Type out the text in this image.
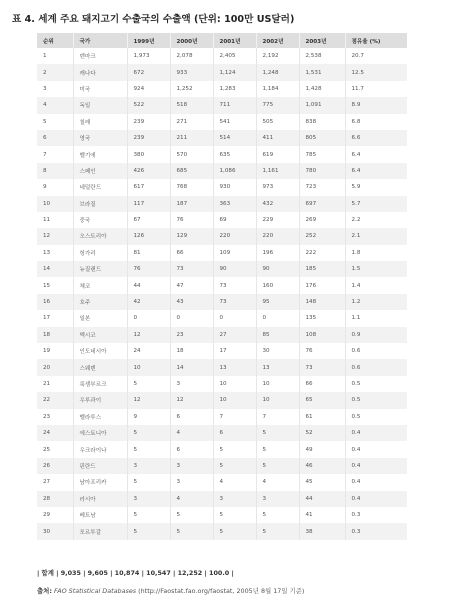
표 4. 세계 주요 돼지고기 수출국의 수출액 (단위: 100만 US달러)
순위	국가	1999년	2000년	2001년	2002년	2003년	점유율 (%)
1	덴마크	1,973	2,078	2,405	2,192	2,538	20.7
2	캐나다	672	933	1,124	1,248	1,531	12.5
3	미국	924	1,252	1,283	1,184	1,428	11.7
4	독일	522	518	711	775	1,091	8.9
5	칠레	239	271	541	505	838	6.8
6	영국	239	211	514	411	805	6.6
7	벨기에	380	570	635	619	785	6.4
8	스페인	426	685	1,086	1,161	780	6.4
9	네덜란드	617	768	930	973	723	5.9
10	브라질	117	187	363	432	697	5.7
11	중국	67	76	69	229	269	2.2
12	오스트리아	126	129	220	220	252	2.1
13	헝가리	81	66	109	196	222	1.8
14	뉴질랜드	76	73	90	90	185	1.5
15	체코	44	47	73	160	176	1.4
16	호주	42	43	73	95	148	1.2
17	일본	0	0	0	0	135	1.1
18	멕시코	12	23	27	85	108	0.9
19	인도네시아	24	18	17	30	76	0.6
20	스웨덴	10	14	13	13	73	0.6
21	룩셈부르크	5	3	10	10	66	0.5
22	우루과이	12	12	10	10	65	0.5
23	벨라루스	9	6	7	7	61	0.5
24	에스토니아	5	4	6	5	52	0.4
25	우크라이나	5	6	5	5	49	0.4
26	핀란드	3	3	5	5	46	0.4
27	남아프리카	5	3	4	4	45	0.4
28	러시아	3	4	3	3	44	0.4
29	베트남	5	5	5	5	41	0.3
30	포르투갈	5	5	5	5	38	0.3
| 합계 | 9,035 | 9,605 | 10,874 | 10,547 | 12,252 | 100.0 |
출처: FAO Statistical Databases (http://Faostat.fao.org/faostat, 2005년 8월 17일 기준)
